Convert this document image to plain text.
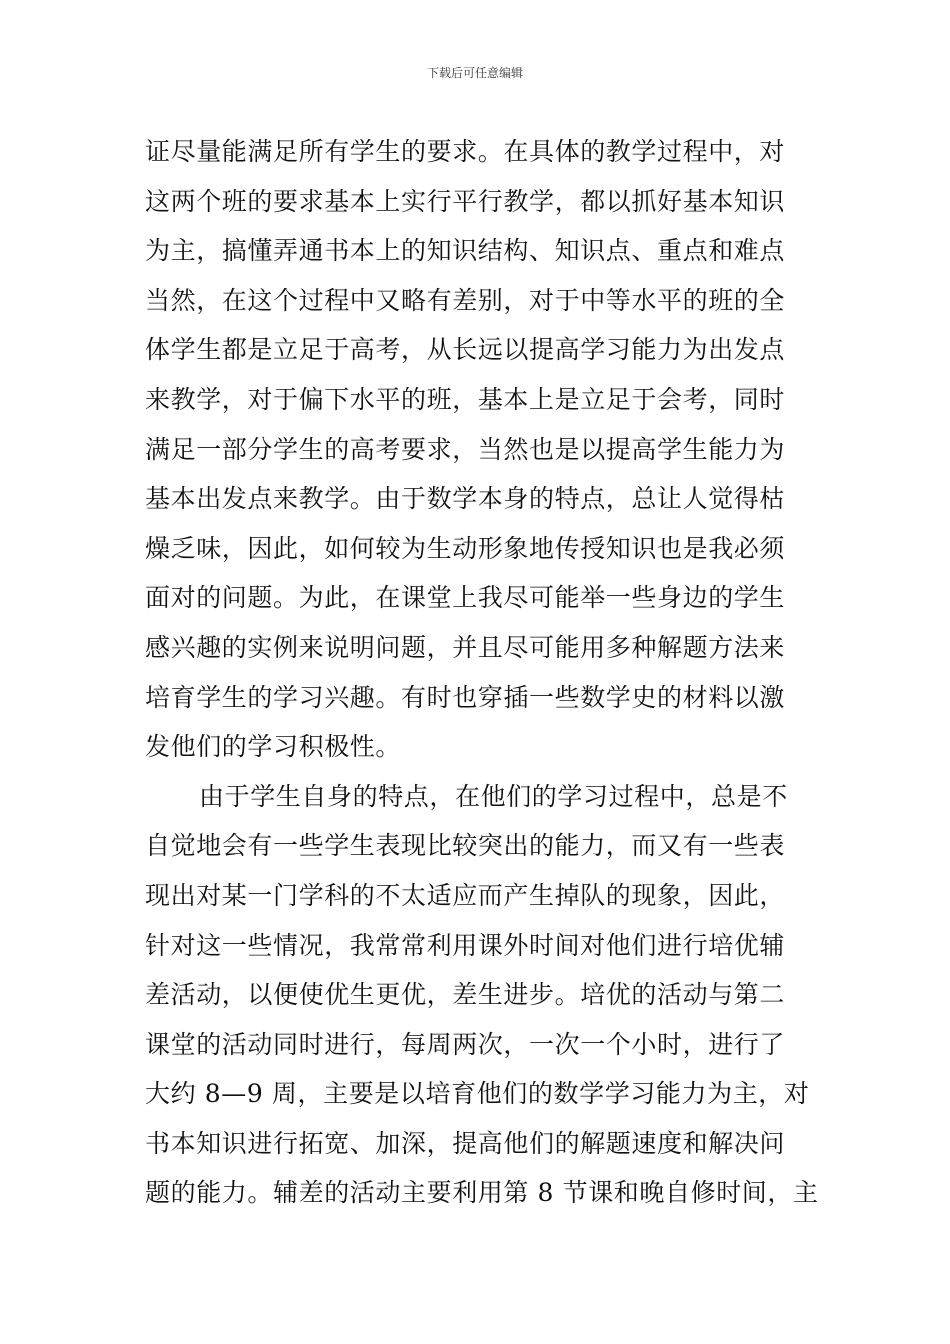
下载后可任意编辑
证尽量能满足所有学生的要求。在具体的教学过程中，对
这两个班的要求基本上实行平行教学，都以抓好基本知识
为主，搞懂弄通书本上的知识结构、知识点、重点和难点
当然，在这个过程中又略有差别，对于中等水平的班的全
体学生都是立足于高考，从长远以提高学习能力为出发点
来教学，对于偏下水平的班，基本上是立足于会考，同时
满足一部分学生的高考要求，当然也是以提高学生能力为
基本出发点来教学。由于数学本身的特点，总让人觉得枯
燥乏味，因此，如何较为生动形象地传授知识也是我必须
面对的问题。为此，在课堂上我尽可能举一些身边的学生
感兴趣的实例来说明问题，并且尽可能用多种解题方法来
培育学生的学习兴趣。有时也穿插一些数学史的材料以激
发他们的学习积极性。
由于学生自身的特点，在他们的学习过程中，总是不
自觉地会有一些学生表现比较突出的能力，而又有一些表
现出对某一门学科的不太适应而产生掉队的现象，因此，
针对这一些情况，我常常利用课外时间对他们进行培优辅
差活动，以便使优生更优，差生进步。培优的活动与第二
课堂的活动同时进行，每周两次，一次一个小时，进行了
大约 8—9 周，主要是以培育他们的数学学习能力为主，对
书本知识进行拓宽、加深，提高他们的解题速度和解决问
题的能力。辅差的活动主要利用第 8 节课和晚自修时间，主
